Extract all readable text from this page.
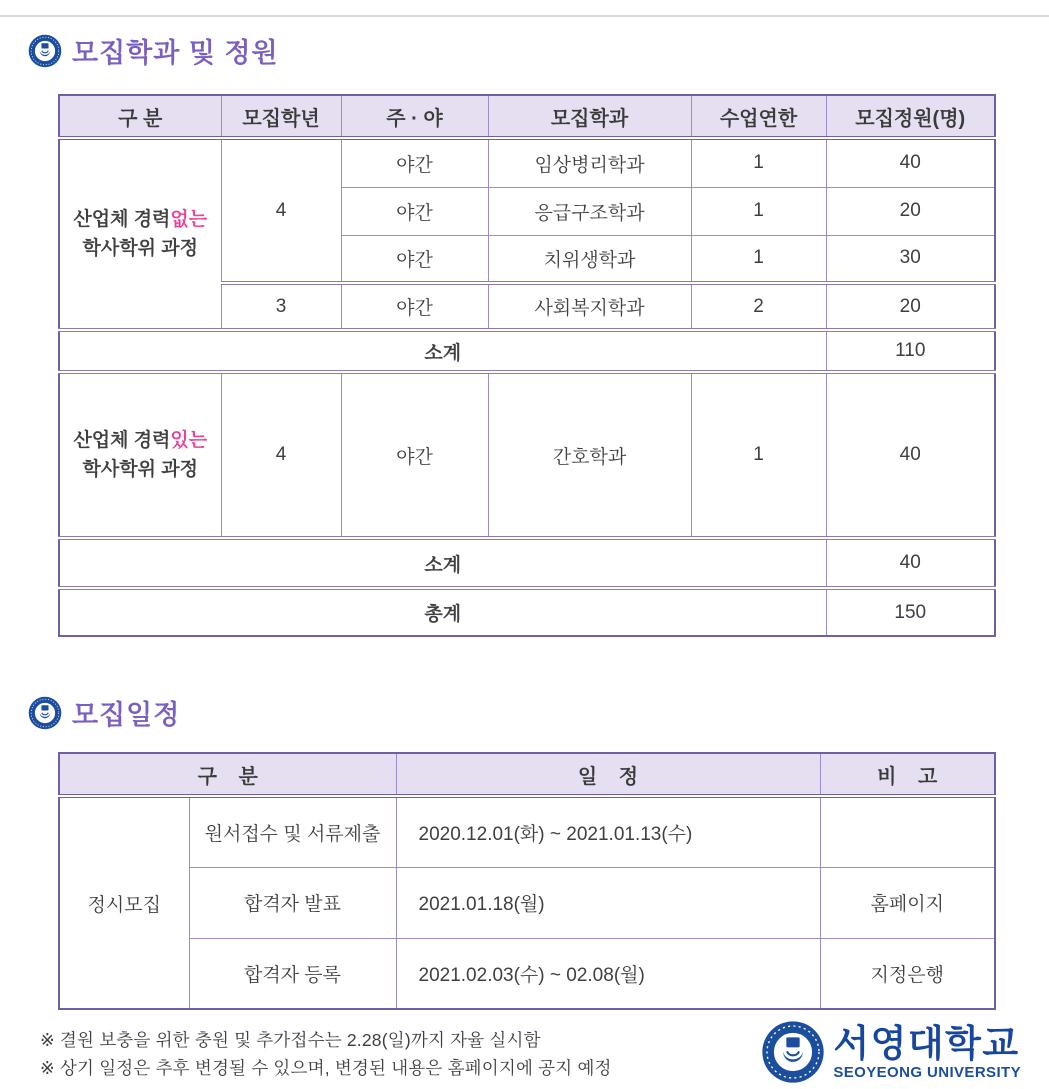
모집학과 및 정원
구 분	모집학년	주 · 야	모집학과	수업연한	모집정원(명)
산업체 경력없는
학사학위 과정	4	야간	임상병리학과	1	40
		야간	응급구조학과	1	20
		야간	치위생학과	1	30
	3	야간	사회복지학과	2	20
소계					110
산업체 경력있는
학사학위 과정	4	야간	간호학과	1	40
소계					40
총계					150
모집일정
구 분		일 정	비 고
정시모집	원서접수 및 서류제출	2020.12.01(화) ~ 2021.01.13(수)	
	합격자 발표	2021.01.18(월)	홈페이지
	합격자 등록	2021.02.03(수) ~ 02.08(월)	지정은행
※ 결원 보충을 위한 충원 및 추가접수는 2.28(일)까지 자율 실시함
※ 상기 일정은 추후 변경될 수 있으며, 변경된 내용은 홈페이지에 공지 예정
서영대학교
SEOYEONG UNIVERSITY
